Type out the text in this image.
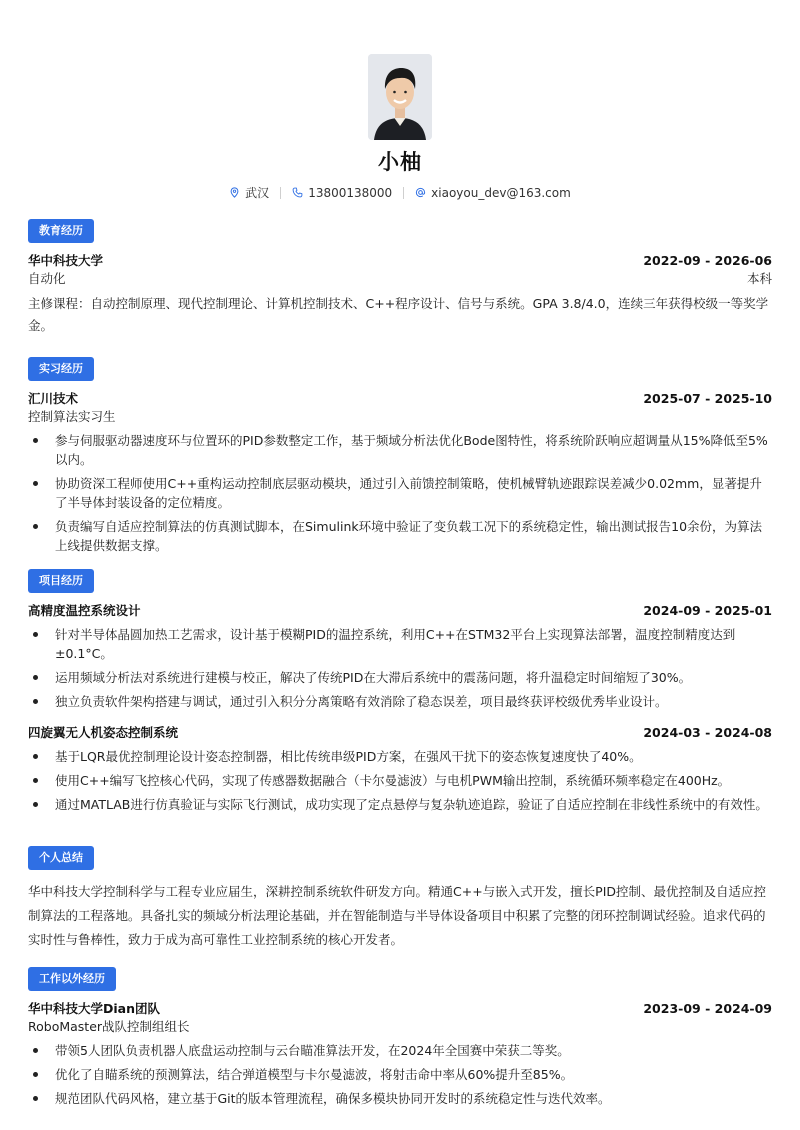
小柚
武汉	13800138000	xiaoyou_dev@163.com
教育经历
华中科技大学	2022-09 - 2026-06
自动化	本科
主修课程：自动控制原理、现代控制理论、计算机控制技术、C++程序设计、信号与系统。GPA 3.8/4.0，连续三年获得校级一等奖学金。
实习经历
汇川技术	2025-07 - 2025-10
控制算法实习生
参与伺服驱动器速度环与位置环的PID参数整定工作，基于频域分析法优化Bode图特性，将系统阶跃响应超调量从15%降低至5%以内。
协助资深工程师使用C++重构运动控制底层驱动模块，通过引入前馈控制策略，使机械臂轨迹跟踪误差减少0.02mm，显著提升了半导体封装设备的定位精度。
负责编写自适应控制算法的仿真测试脚本，在Simulink环境中验证了变负载工况下的系统稳定性，输出测试报告10余份，为算法上线提供数据支撑。
项目经历
高精度温控系统设计	2024-09 - 2025-01
针对半导体晶圆加热工艺需求，设计基于模糊PID的温控系统，利用C++在STM32平台上实现算法部署，温度控制精度达到±0.1°C。
运用频域分析法对系统进行建模与校正，解决了传统PID在大滞后系统中的震荡问题，将升温稳定时间缩短了30%。
独立负责软件架构搭建与调试，通过引入积分分离策略有效消除了稳态误差，项目最终获评校级优秀毕业设计。
四旋翼无人机姿态控制系统	2024-03 - 2024-08
基于LQR最优控制理论设计姿态控制器，相比传统串级PID方案，在强风干扰下的姿态恢复速度快了40%。
使用C++编写飞控核心代码，实现了传感器数据融合（卡尔曼滤波）与电机PWM输出控制，系统循环频率稳定在400Hz。
通过MATLAB进行仿真验证与实际飞行测试，成功实现了定点悬停与复杂轨迹追踪，验证了自适应控制在非线性系统中的有效性。
个人总结
华中科技大学控制科学与工程专业应届生，深耕控制系统软件研发方向。精通C++与嵌入式开发，擅长PID控制、最优控制及自适应控制算法的工程落地。具备扎实的频域分析法理论基础，并在智能制造与半导体设备项目中积累了完整的闭环控制调试经验。追求代码的实时性与鲁棒性，致力于成为高可靠性工业控制系统的核心开发者。
工作以外经历
华中科技大学Dian团队	2023-09 - 2024-09
RoboMaster战队控制组组长
带领5人团队负责机器人底盘运动控制与云台瞄准算法开发，在2024年全国赛中荣获二等奖。
优化了自瞄系统的预测算法，结合弹道模型与卡尔曼滤波，将射击命中率从60%提升至85%。
规范团队代码风格，建立基于Git的版本管理流程，确保多模块协同开发时的系统稳定性与迭代效率。
